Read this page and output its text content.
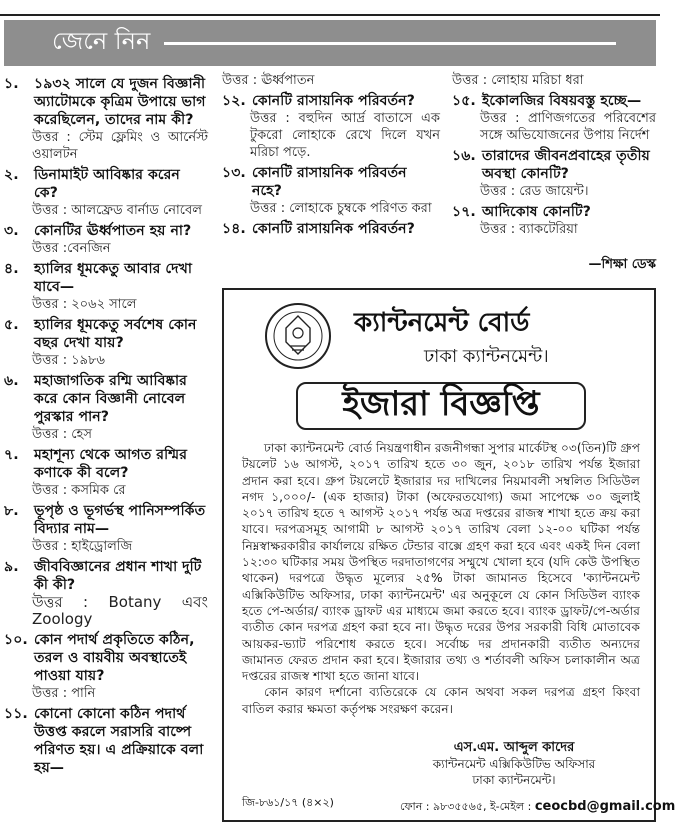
জেনে নিন
১.	১৯৩২ সালে যে দুজন বিজ্ঞানী অ্যাটোমকে কৃত্রিম উপায়ে ভাগ করেছিলেন, তাদের নাম কী?
উত্তর : স্টেম ফ্লেমিং ও আর্নেস্ট ওয়ালটন
২.	ডিনামাইট আবিষ্কার করেন কে?
উত্তর : আলফ্রেড বার্নাড নোবেল
৩.	কোনটির ঊর্ধ্বপাতন হয় না?
উত্তর :বেনজিন
৪.	হ্যালির ধূমকেতু আবার দেখা যাবে—
উত্তর : ২০৬২ সালে
৫.	হ্যালির ধূমকেতু সর্বশেষ কোন বছর দেখা যায়?
উত্তর : ১৯৮৬
৬.	মহাজাগতিক রশ্মি আবিষ্কার করে কোন বিজ্ঞানী নোবেল পুরস্কার পান?
উত্তর : হেস
৭.	মহাশূন্য থেকে আগত রশ্মির কণাকে কী বলে?
উত্তর : কসমিক রে
৮.	ভূপৃষ্ঠ ও ভূগর্ভস্থ পানিসম্পর্কিত বিদ্যার নাম—
উত্তর : হাইড্রোলজি
৯.	জীববিজ্ঞানের প্রধান শাখা দুটি কী কী?
উত্তর : Botany এবং Zoology
১০. কোন পদার্থ প্রকৃতিতে কঠিন, তরল ও বায়বীয় অবস্থাতেই পাওয়া যায়?
উত্তর : পানি
১১. কোনো কোনো কঠিন পদার্থ উত্তপ্ত করলে সরাসরি বাষ্পে পরিণত হয়। এ প্রক্রিয়াকে বলা হয়—
উত্তর : ঊর্ধ্বপাতন
১২. কোনটি রাসায়নিক পরিবর্তন?
উত্তর : বহুদিন আর্দ্র বাতাসে এক টুকরো লোহাকে রেখে দিলে যখন মরিচা পড়ে.
১৩. কোনটি রাসায়নিক পরিবর্তন নহে?
উত্তর : লোহাকে চুম্বকে পরিণত করা
১৪. কোনটি রাসায়নিক পরিবর্তন?
উত্তর : লোহায় মরিচা ধরা
১৫. ইকোলজির বিষয়বস্তু হচ্ছে—
উত্তর : প্রাণিজগতের পরিবেশের সঙ্গে অভিযোজনের উপায় নির্দেশ
১৬. তারাদের জীবনপ্রবাহের তৃতীয় অবস্থা কোনটি?
উত্তর : রেড জায়েন্ট।
১৭. আদিকোষ কোনটি?
উত্তর : ব্যাকটেরিয়া
—শিক্ষা ডেস্ক
ক্যান্টনমেন্ট বোর্ড
ঢাকা ক্যান্টনমেন্ট।
ইজারা বিজ্ঞপ্তি

ঢাকা ক্যান্টনমেন্ট বোর্ড নিয়ন্ত্রণাধীন রজনীগন্ধা সুপার মার্কেটস্থ ০৩(তিন)টি গ্রুপ টয়লেট ১৬ আগস্ট, ২০১৭ তারিখ হতে ৩০ জুন, ২০১৮ তারিখ পর্যন্ত ইজারা প্রদান করা হবে। গ্রুপ টয়লেটে ইজারার দর দাখিলের নিয়মাবলী সম্বলিত সিডিউল নগদ ১,০০০/- (এক হাজার) টাকা (অফেরতযোগ্য) জমা সাপেক্ষে ৩০ জুলাই ২০১৭ তারিখ হতে ৭ আগস্ট ২০১৭ পর্যন্ত অত্র দপ্তরের রাজস্ব শাখা হতে ক্রয় করা যাবে। দরপত্রসমূহ আগামী ৮ আগস্ট ২০১৭ তারিখ বেলা ১২-০০ ঘটিকা পর্যন্ত নিম্নস্বাক্ষরকারীর কার্যালয়ে রক্ষিত টেন্ডার বাক্সে গ্রহণ করা হবে এবং একই দিন বেলা ১২:৩০ ঘটিকার সময় উপস্থিত দরদাতাগণের সম্মুখে খোলা হবে (যদি কেউ উপস্থিত থাকেন) দরপত্রে উদ্ধৃত মূল্যের ২৫% টাকা জামানত হিসেবে 'ক্যান্টনমেন্ট এক্সিকিউটিভ অফিসার, ঢাকা ক্যান্টনমেন্ট' এর অনুকূলে যে কোন সিডিউল ব্যাংক হতে পে-অর্ডার/ ব্যাংক ড্রাফট এর মাধ্যমে জমা করতে হবে। ব্যাংক ড্রাফট/পে-অর্ডার ব্যতীত কোন দরপত্র গ্রহণ করা হবে না। উদ্ধৃত দরের উপর সরকারী বিধি মোতাবেক আয়কর-ভ্যাট পরিশোধ করতে হবে। সর্বোচ্চ দর প্রদানকারী ব্যতীত অন্যদের জামানত ফেরত প্রদান করা হবে। ইজারার তথ্য ও শর্তাবলী অফিস চলাকালীন অত্র দপ্তরের রাজস্ব শাখা হতে জানা যাবে।

কোন কারণ দর্শানো ব্যতিরেকে যে কোন অথবা সকল দরপত্র গ্রহণ কিংবা বাতিল করার ক্ষমতা কর্তৃপক্ষ সংরক্ষণ করেন।

এস.এম. আব্দুল কাদের
ক্যান্টনমেন্ট এক্সিকিউটিভ অফিসার
ঢাকা ক্যান্টনমেন্ট।
জি-৮৬১/১৭ (৪×২)	ফোন : ৯৮৩৫৫৬৫, ই-মেইল : ceocbd@gmail.com
